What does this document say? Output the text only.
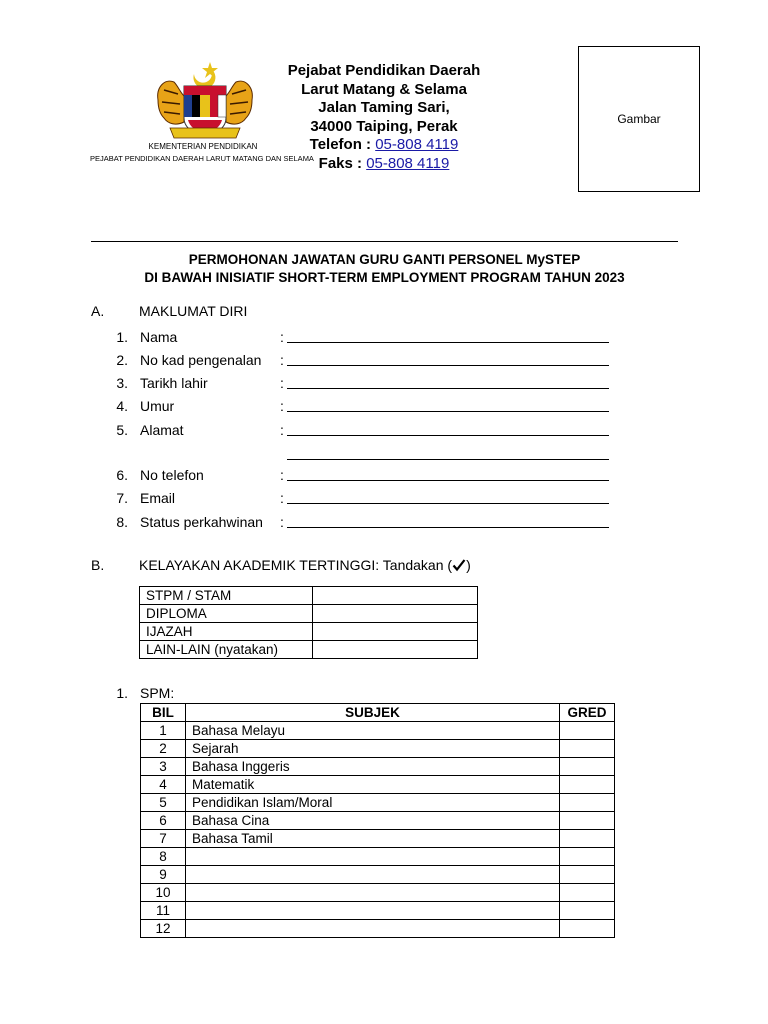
KEMENTERIAN PENDIDIKAN
PEJABAT PENDIDIKAN DAERAH LARUT MATANG DAN SELAMA
Pejabat Pendidikan Daerah
Larut Matang & Selama
Jalan Taming Sari,
34000 Taiping, Perak
Telefon : 05-808 4119
Faks : 05-808 4119
Gambar
PERMOHONAN JAWATAN GURU GANTI PERSONEL MySTEP
DI BAWAH INISIATIF SHORT-TERM EMPLOYMENT PROGRAM TAHUN 2023
A. MAKLUMAT DIRI
1. Nama	:
2. No kad pengenalan :
3. Tarikh lahir	:
4. Umur	:
5. Alamat	:
6. No telefon	:
7. Email	:
8. Status perkahwinan :
B. KELAYAKAN AKADEMIK TERTINGGI: Tandakan ( )
STPM / STAM	
DIPLOMA	
IJAZAH	
LAIN-LAIN (nyatakan)	
1. SPM:
BIL	SUBJEK	GRED
1	Bahasa Melayu	
2	Sejarah	
3	Bahasa Inggeris	
4	Matematik	
5	Pendidikan Islam/Moral	
6	Bahasa Cina	
7	Bahasa Tamil	
8		
9		
10		
11		
12		
